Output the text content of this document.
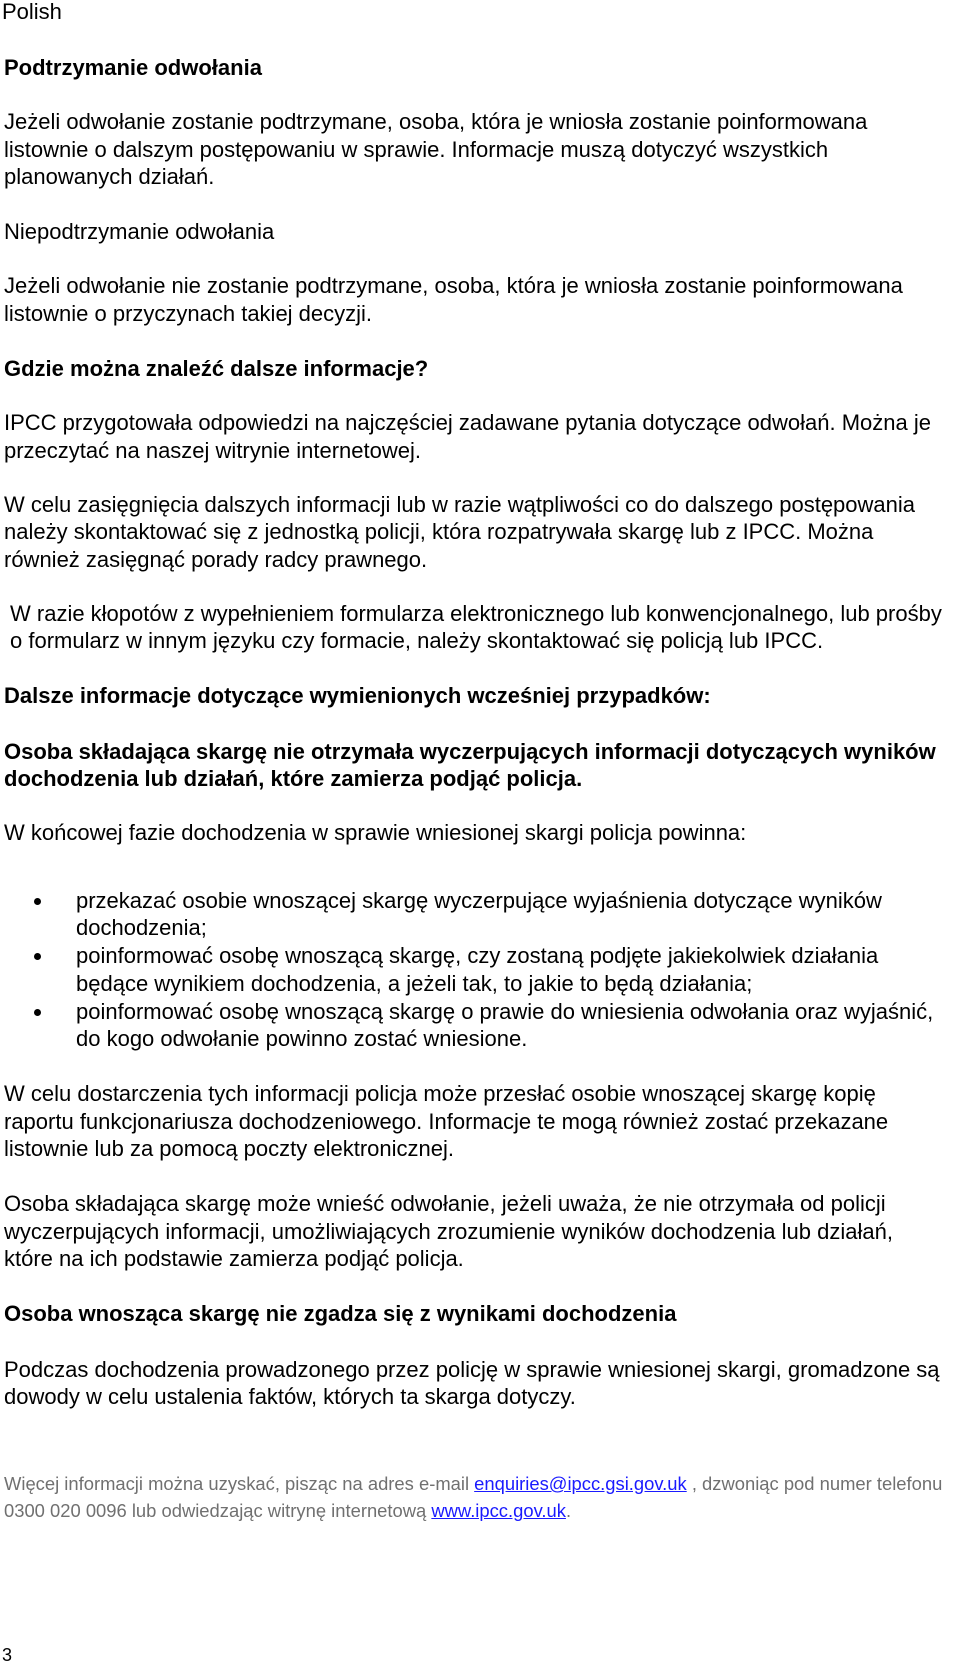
Polish
Podtrzymanie odwołania

Jeżeli odwołanie zostanie podtrzymane, osoba, która je wniosła zostanie poinformowana listownie o dalszym postępowaniu w sprawie. Informacje muszą dotyczyć wszystkich planowanych działań.

Niepodtrzymanie odwołania

Jeżeli odwołanie nie zostanie podtrzymane, osoba, która je wniosła zostanie poinformowana listownie o przyczynach takiej decyzji.

Gdzie można znaleźć dalsze informacje?

IPCC przygotowała odpowiedzi na najczęściej zadawane pytania dotyczące odwołań. Można je przeczytać na naszej witrynie internetowej.

W celu zasięgnięcia dalszych informacji lub w razie wątpliwości co do dalszego postępowania należy skontaktować się z jednostką policji, która rozpatrywała skargę lub z IPCC. Można również zasięgnąć porady radcy prawnego.

W razie kłopotów z wypełnieniem formularza elektronicznego lub konwencjonalnego, lub prośby o formularz w innym języku czy formacie, należy skontaktować się policją lub IPCC.

Dalsze informacje dotyczące wymienionych wcześniej przypadków:
Osoba składająca skargę nie otrzymała wyczerpujących informacji dotyczących wyników dochodzenia lub działań, które zamierza podjąć policja.

W końcowej fazie dochodzenia w sprawie wniesionej skargi policja powinna:

przekazać osobie wnoszącej skargę wyczerpujące wyjaśnienia dotyczące wyników dochodzenia;
poinformować osobę wnoszącą skargę, czy zostaną podjęte jakiekolwiek działania będące wynikiem dochodzenia, a jeżeli tak, to jakie to będą działania;
poinformować osobę wnoszącą skargę o prawie do wniesienia odwołania oraz wyjaśnić, do kogo odwołanie powinno zostać wniesione.

W celu dostarczenia tych informacji policja może przesłać osobie wnoszącej skargę kopię raportu funkcjonariusza dochodzeniowego. Informacje te mogą również zostać przekazane listownie lub za pomocą poczty elektronicznej.

Osoba składająca skargę może wnieść odwołanie, jeżeli uważa, że nie otrzymała od policji wyczerpujących informacji, umożliwiających zrozumienie wyników dochodzenia lub działań, które na ich podstawie zamierza podjąć policja.

Osoba wnosząca skargę nie zgadza się z wynikami dochodzenia

Podczas dochodzenia prowadzonego przez policję w sprawie wniesionej skargi, gromadzone są dowody w celu ustalenia faktów, których ta skarga dotyczy.

Więcej informacji można uzyskać, pisząc na adres e-mail enquiries@ipcc.gsi.gov.uk , dzwoniąc pod numer telefonu 0300 020 0096 lub odwiedzając witrynę internetową www.ipcc.gov.uk.
3
